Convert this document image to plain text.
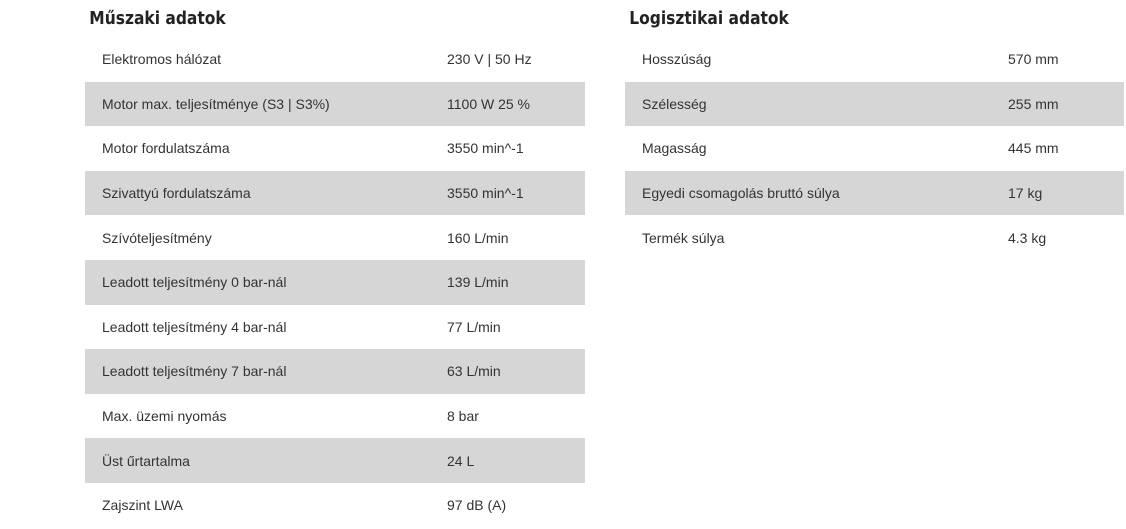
Műszaki adatok
Elektromos hálózat	230 V | 50 Hz
Motor max. teljesítménye (S3 | S3%)	1100 W 25 %
Motor fordulatszáma	3550 min^-1
Szivattyú fordulatszáma	3550 min^-1
Szívóteljesítmény	160 L/min
Leadott teljesítmény 0 bar-nál	139 L/min
Leadott teljesítmény 4 bar-nál	77 L/min
Leadott teljesítmény 7 bar-nál	63 L/min
Max. üzemi nyomás	8 bar
Üst űrtartalma	24 L
Zajszint LWA	97 dB (A)
Logisztikai adatok
Hosszúság	570 mm
Szélesség	255 mm
Magasság	445 mm
Egyedi csomagolás bruttó súlya	17 kg
Termék súlya	4.3 kg
